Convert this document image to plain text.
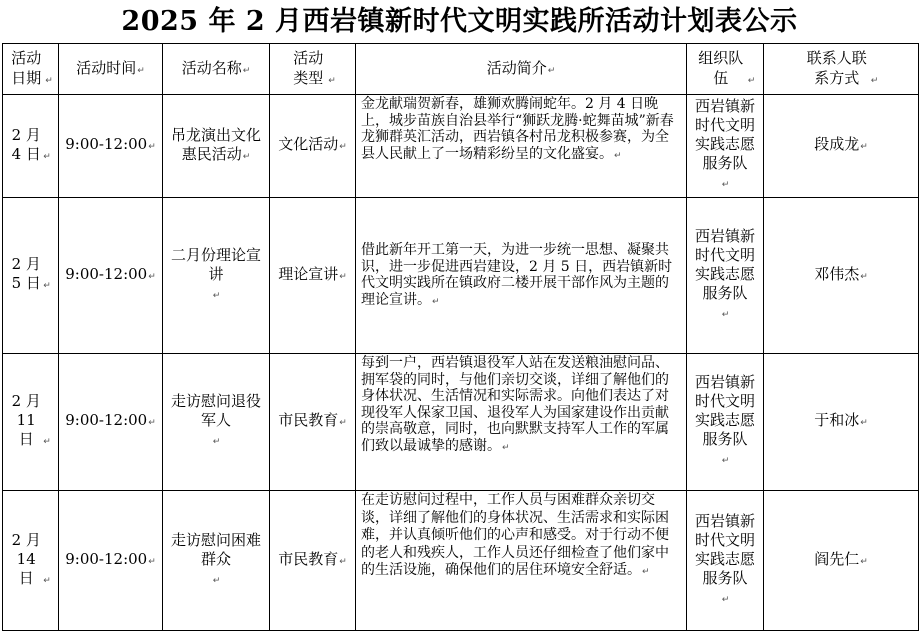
2025 年 2 月西岩镇新时代文明实践所活动计划表公示
活动日期 ↵	活动时间↵	活动名称↵	活动类型 ↵	活动简介↵	组织队伍 ↵	联系人联系方式 ↵
2 月 4 日 ↵	9:00-12:00↵	吊龙演出文化惠民活动↵	文化活动↵	金龙献瑞贺新春，雄狮欢腾闹蛇年。2 月 4 日晚上，城步苗族自治县举行“狮跃龙腾·蛇舞苗城”新春龙狮群英汇活动，西岩镇各村吊龙积极参赛，为全县人民献上了一场精彩纷呈的文化盛宴。↵	西岩镇新时代文明实践志愿服务队↵	段成龙↵
2 月 5 日 ↵	9:00-12:00↵	二月份理论宣讲↵	理论宣讲↵	借此新年开工第一天，为进一步统一思想、凝聚共识，进一步促进西岩建设，2 月 5 日，西岩镇新时代文明实践所在镇政府二楼开展干部作风为主题的理论宣讲。↵	西岩镇新时代文明实践志愿服务队↵	邓伟杰↵
2 月 11 日 ↵	9:00-12:00↵	走访慰问退役军人↵	市民教育↵	每到一户，西岩镇退役军人站在发送粮油慰问品、拥军袋的同时，与他们亲切交谈，详细了解他们的身体状况、生活情况和实际需求。向他们表达了对现役军人保家卫国、退役军人为国家建设作出贡献的崇高敬意，同时，也向默默支持军人工作的军属们致以最诚挚的感谢。↵	西岩镇新时代文明实践志愿服务队↵	于和冰↵
2 月 14 日 ↵	9:00-12:00↵	走访慰问困难群众↵	市民教育↵	在走访慰问过程中，工作人员与困难群众亲切交谈，详细了解他们的身体状况、生活需求和实际困难，并认真倾听他们的心声和感受。对于行动不便的老人和残疾人，工作人员还仔细检查了他们家中的生活设施，确保他们的居住环境安全舒适。↵	西岩镇新时代文明实践志愿服务队↵	阎先仁↵
